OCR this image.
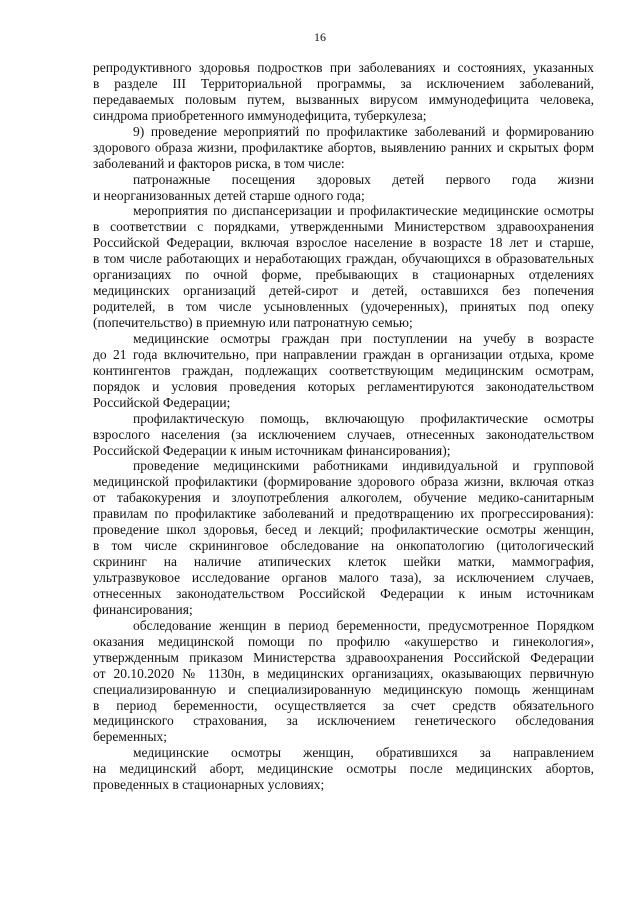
16
репродуктивного здоровья подростков при заболеваниях и состояниях, указанных
в разделе III Территориальной программы, за исключением заболеваний,
передаваемых половым путем, вызванных вирусом иммунодефицита человека,
синдрома приобретенного иммунодефицита, туберкулеза;
9) проведение мероприятий по профилактике заболеваний и формированию
здорового образа жизни, профилактике абортов, выявлению ранних и скрытых форм
заболеваний и факторов риска, в том числе:
патронажные посещения здоровых детей первого года жизни
и неорганизованных детей старше одного года;
мероприятия по диспансеризации и профилактические медицинские осмотры
в соответствии с порядками, утвержденными Министерством здравоохранения
Российской Федерации, включая взрослое население в возрасте 18 лет и старше,
в том числе работающих и неработающих граждан, обучающихся в образовательных
организациях по очной форме, пребывающих в стационарных отделениях
медицинских организаций детей-сирот и детей, оставшихся без попечения
родителей, в том числе усыновленных (удочеренных), принятых под опеку
(попечительство) в приемную или патронатную семью;
медицинские осмотры граждан при поступлении на учебу в возрасте
до 21 года включительно, при направлении граждан в организации отдыха, кроме
контингентов граждан, подлежащих соответствующим медицинским осмотрам,
порядок и условия проведения которых регламентируются законодательством
Российской Федерации;
профилактическую помощь, включающую профилактические осмотры
взрослого населения (за исключением случаев, отнесенных законодательством
Российской Федерации к иным источникам финансирования);
проведение медицинскими работниками индивидуальной и групповой
медицинской профилактики (формирование здорового образа жизни, включая отказ
от табакокурения и злоупотребления алкоголем, обучение медико-санитарным
правилам по профилактике заболеваний и предотвращению их прогрессирования):
проведение школ здоровья, бесед и лекций; профилактические осмотры женщин,
в том числе скрининговое обследование на онкопатологию (цитологический
скрининг на наличие атипических клеток шейки матки, маммография,
ультразвуковое исследование органов малого таза), за исключением случаев,
отнесенных законодательством Российской Федерации к иным источникам
финансирования;
обследование женщин в период беременности, предусмотренное Порядком
оказания медицинской помощи по профилю «акушерство и гинекология»,
утвержденным приказом Министерства здравоохранения Российской Федерации
от 20.10.2020 № 1130н, в медицинских организациях, оказывающих первичную
специализированную и специализированную медицинскую помощь женщинам
в период беременности, осуществляется за счет средств обязательного
медицинского страхования, за исключением генетического обследования
беременных;
медицинские осмотры женщин, обратившихся за направлением
на медицинский аборт, медицинские осмотры после медицинских абортов,
проведенных в стационарных условиях;
